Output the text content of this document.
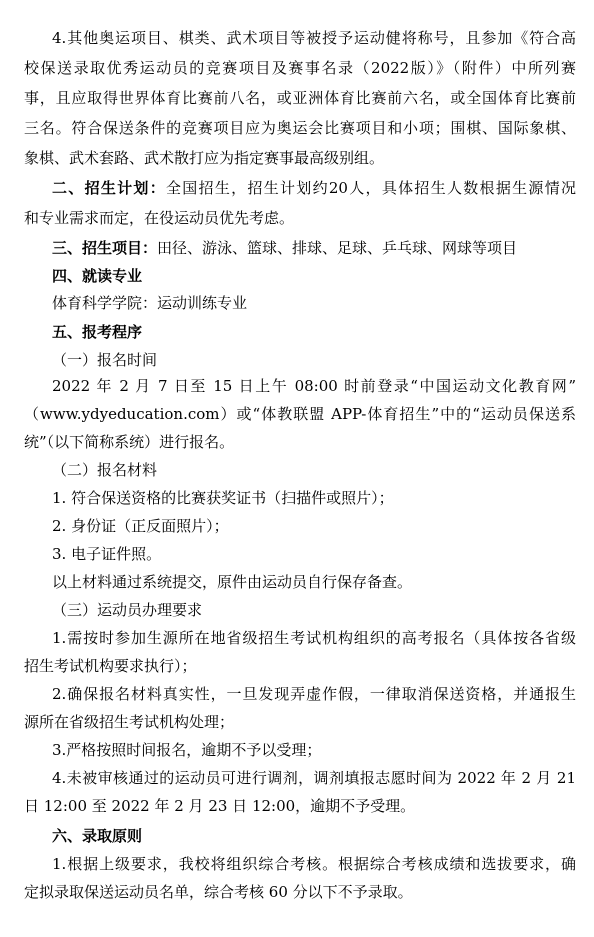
4.其他奥运项目、棋类、武术项目等被授予运动健将称号，且参加《符合高
校保送录取优秀运动员的竞赛项目及赛事名录（2022版）》（附件）中所列赛
事，且应取得世界体育比赛前八名，或亚洲体育比赛前六名，或全国体育比赛前
三名。符合保送条件的竞赛项目应为奥运会比赛项目和小项；围棋、国际象棋、
象棋、武术套路、武术散打应为指定赛事最高级别组。
二、招生计划：全国招生，招生计划约20人，具体招生人数根据生源情况
和专业需求而定，在役运动员优先考虑。
三、招生项目：田径、游泳、篮球、排球、足球、乒乓球、网球等项目
四、就读专业
体育科学学院：运动训练专业
五、报考程序
（一）报名时间
2022 年 2 月 7 日至 15 日上午 08:00 时前登录“中国运动文化教育网”
（www.ydyeducation.com）或“体教联盟 APP-体育招生”中的“运动员保送系
统”（以下简称系统）进行报名。
（二）报名材料
1. 符合保送资格的比赛获奖证书（扫描件或照片）；
2. 身份证（正反面照片）；
3. 电子证件照。
以上材料通过系统提交，原件由运动员自行保存备查。
（三）运动员办理要求
1.需按时参加生源所在地省级招生考试机构组织的高考报名（具体按各省级
招生考试机构要求执行）；
2.确保报名材料真实性，一旦发现弄虚作假，一律取消保送资格，并通报生
源所在省级招生考试机构处理；
3.严格按照时间报名，逾期不予以受理；
4.未被审核通过的运动员可进行调剂，调剂填报志愿时间为 2022 年 2 月 21
日 12:00 至 2022 年 2 月 23 日 12:00，逾期不予受理。
六、录取原则
1.根据上级要求，我校将组织综合考核。根据综合考核成绩和选拔要求，确
定拟录取保送运动员名单，综合考核 60 分以下不予录取。
